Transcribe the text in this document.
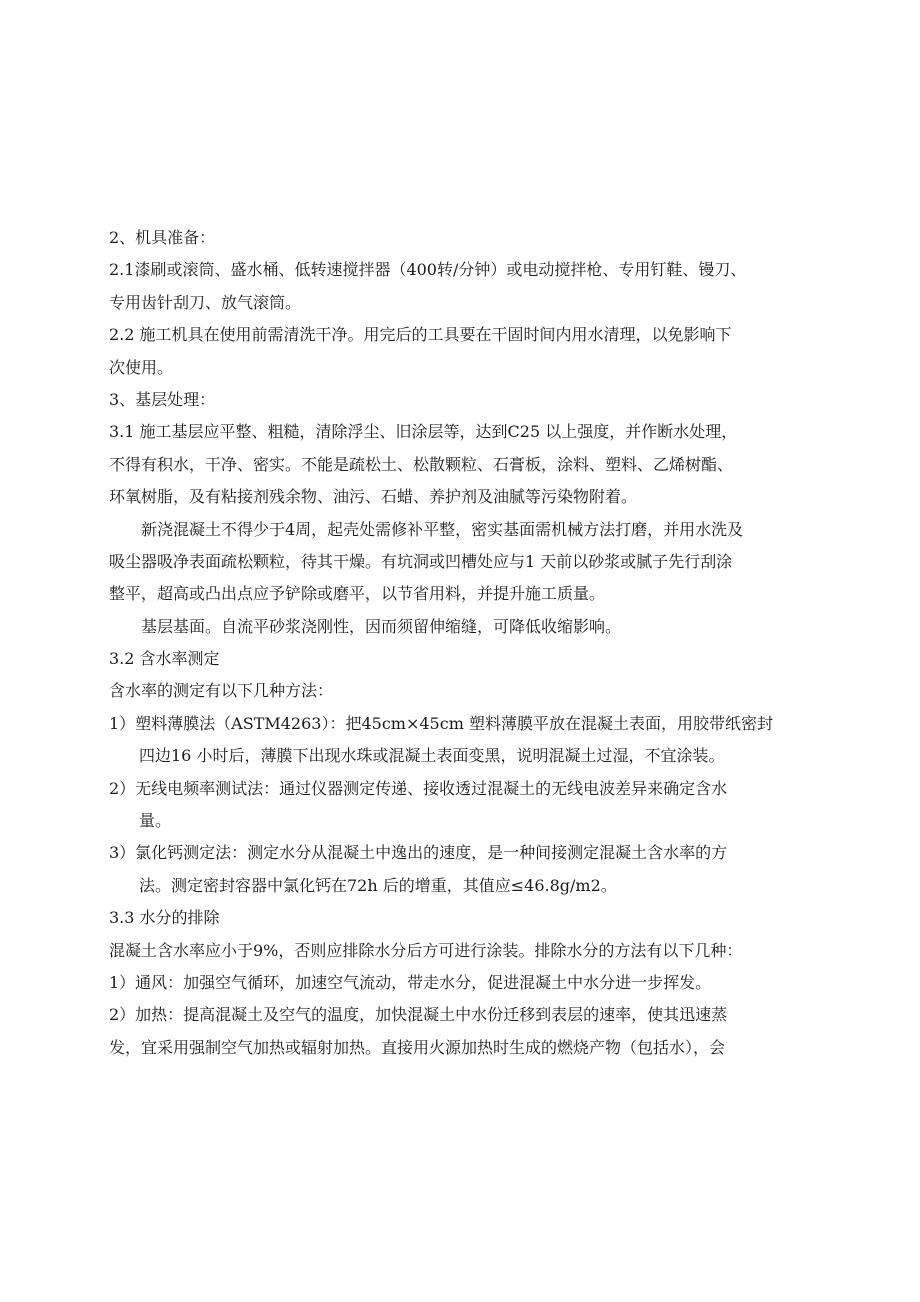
2、机具准备：
2.1漆刷或滚筒、盛水桶、低转速搅拌器（400转/分钟）或电动搅拌枪、专用钉鞋、镘刀、
专用齿针刮刀、放气滚筒。
2.2 施工机具在使用前需清洗干净。用完后的工具要在干固时间内用水清理，以免影响下
次使用。
3、基层处理：
3.1 施工基层应平整、粗糙，清除浮尘、旧涂层等，达到C25 以上强度，并作断水处理，
不得有积水，干净、密实。不能是疏松土、松散颗粒、石膏板，涂料、塑料、乙烯树酯、
环氧树脂，及有粘接剂残余物、油污、石蜡、养护剂及油腻等污染物附着。
新浇混凝土不得少于4周，起壳处需修补平整，密实基面需机械方法打磨，并用水洗及
吸尘器吸净表面疏松颗粒，待其干燥。有坑洞或凹槽处应与1 天前以砂浆或腻子先行刮涂
整平，超高或凸出点应予铲除或磨平，以节省用料，并提升施工质量。
基层基面。自流平砂浆浇刚性，因而须留伸缩缝，可降低收缩影响。
3.2 含水率测定
含水率的测定有以下几种方法：
1）塑料薄膜法（ASTM4263）：把45cm×45cm 塑料薄膜平放在混凝土表面，用胶带纸密封
四边16 小时后，薄膜下出现水珠或混凝土表面变黑，说明混凝土过湿，不宜涂装。
2）无线电频率测试法：通过仪器测定传递、接收透过混凝土的无线电波差异来确定含水
量。
3）氯化钙测定法：测定水分从混凝土中逸出的速度，是一种间接测定混凝土含水率的方
法。测定密封容器中氯化钙在72h 后的增重，其值应≤46.8g/m2。
3.3 水分的排除
混凝土含水率应小于9%，否则应排除水分后方可进行涂装。排除水分的方法有以下几种：
1）通风：加强空气循环，加速空气流动，带走水分，促进混凝土中水分进一步挥发。
2）加热：提高混凝土及空气的温度，加快混凝土中水份迁移到表层的速率，使其迅速蒸
发，宜采用强制空气加热或辐射加热。直接用火源加热时生成的燃烧产物（包括水），会
